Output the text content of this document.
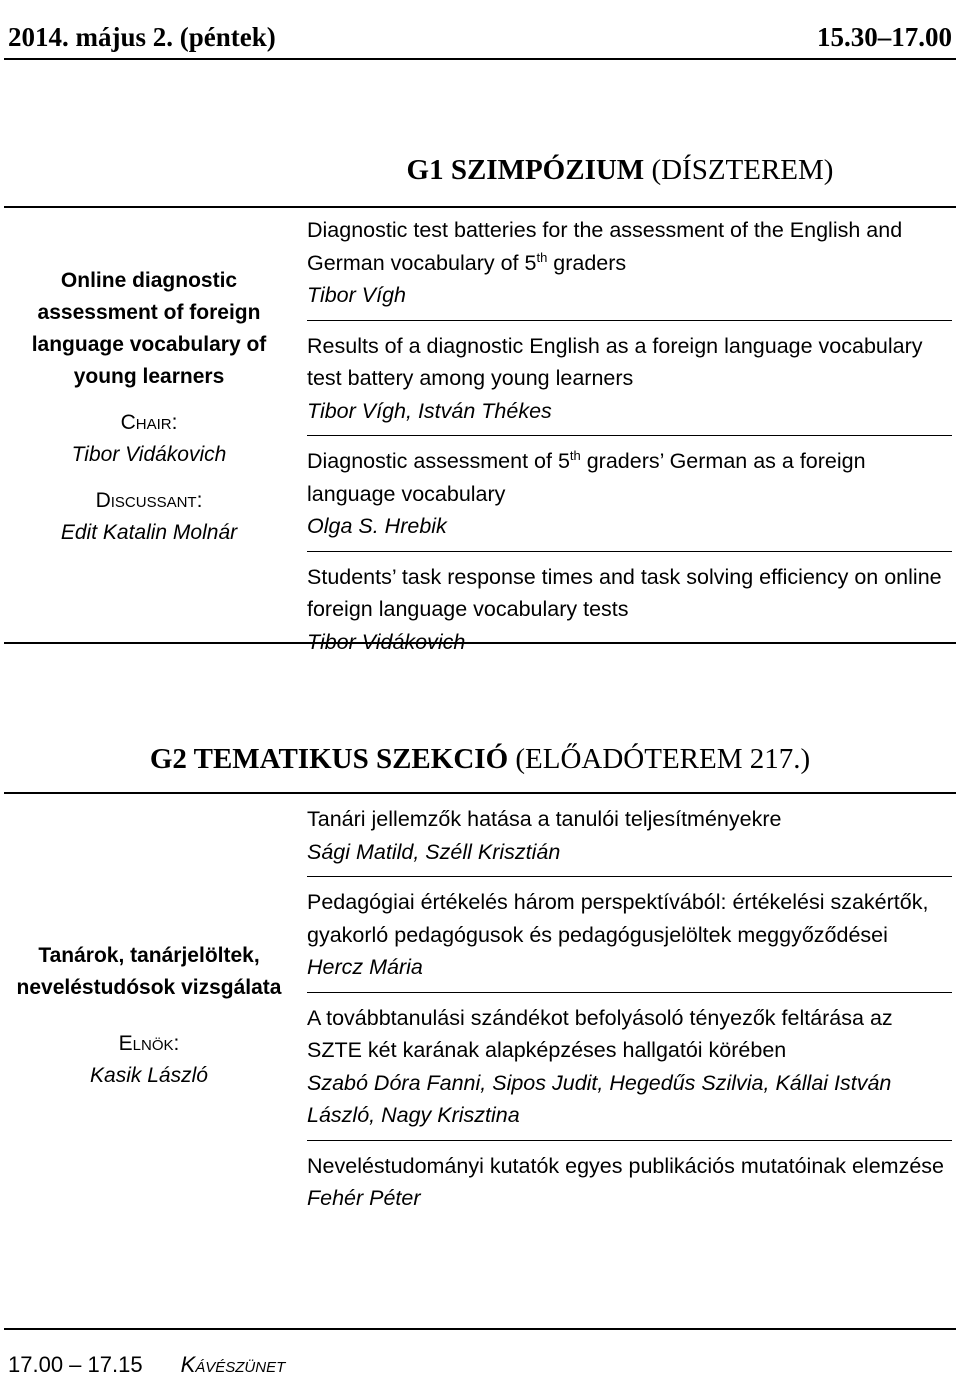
2014. május 2. (péntek)	15.30–17.00
G1 SZIMPÓZIUM (DÍSZTEREM)
Online diagnostic assessment of foreign language vocabulary of young learners
Chair:
Tibor Vidákovich
Discussant:
Edit Katalin Molnár
Diagnostic test batteries for the assessment of the English and German vocabulary of 5th graders
Tibor Vígh
Results of a diagnostic English as a foreign language vocabulary test battery among young learners
Tibor Vígh, István Thékes
Diagnostic assessment of 5th graders’ German as a foreign language vocabulary
Olga S. Hrebik
Students’ task response times and task solving efficiency on online foreign language vocabulary tests
Tibor Vidákovich
G2 TEMATIKUS SZEKCIÓ (ELŐADÓTEREM 217.)
Tanárok, tanárjelöltek, neveléstudósok vizsgálata
Elnök:
Kasik László
Tanári jellemzők hatása a tanulói teljesítményekre
Sági Matild, Széll Krisztián
Pedagógiai értékelés három perspektívából: értékelési szakértők, gyakorló pedagógusok és pedagógusjelöltek meggyőződései
Hercz Mária
A továbbtanulási szándékot befolyásoló tényezők feltárása az SZTE két karának alapképzéses hallgatói körében
Szabó Dóra Fanni, Sipos Judit, Hegedűs Szilvia, Kállai István László, Nagy Krisztina
Neveléstudományi kutatók egyes publikációs mutatóinak elemzése
Fehér Péter
17.00 – 17.15 Kávészünet
